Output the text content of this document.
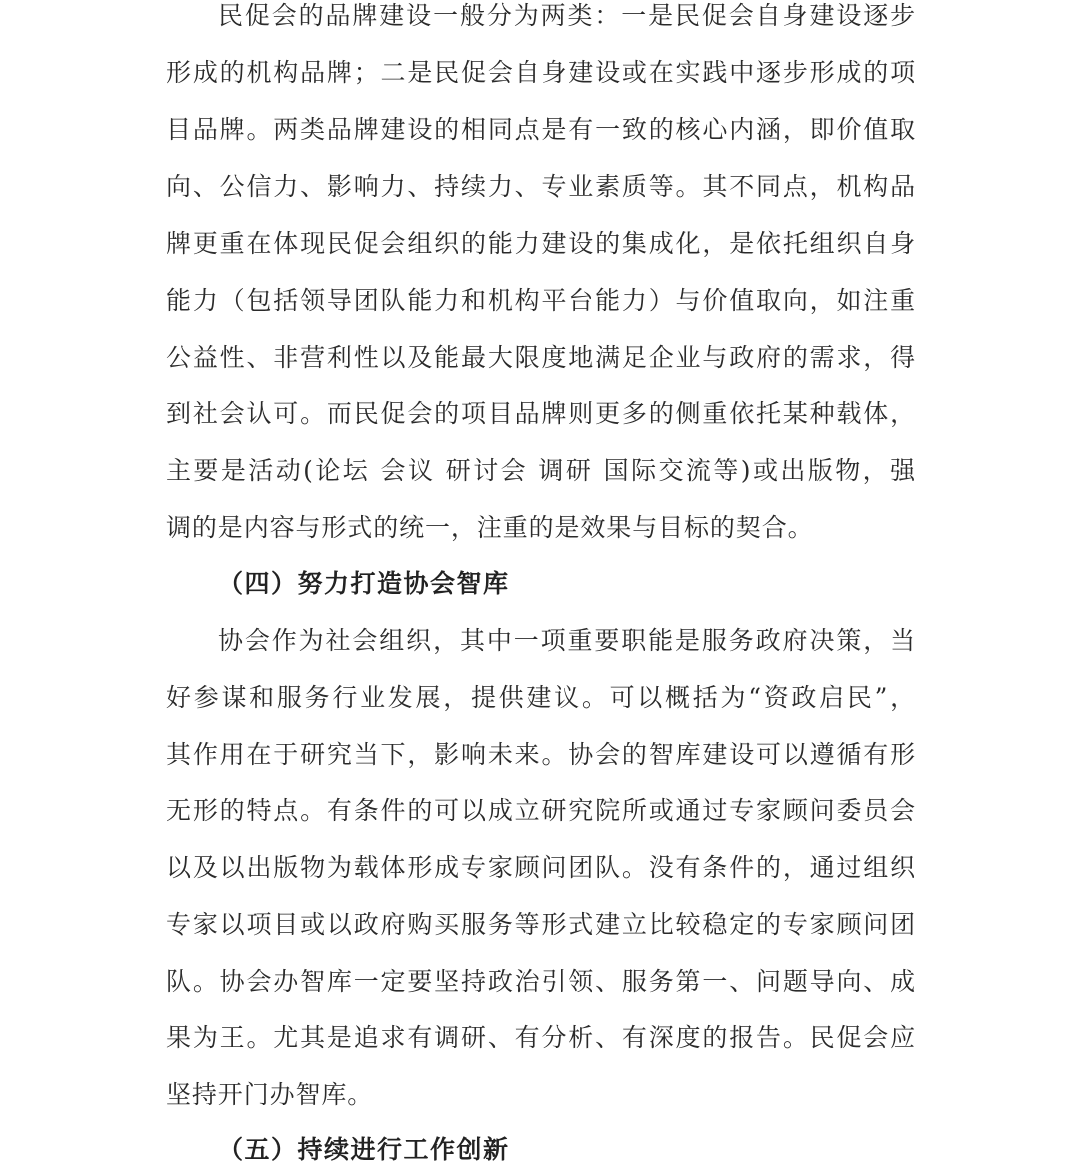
民促会的品牌建设一般分为两类：一是民促会自身建设逐步
形成的机构品牌；二是民促会自身建设或在实践中逐步形成的项
目品牌。两类品牌建设的相同点是有一致的核心内涵，即价值取
向、公信力、影响力、持续力、专业素质等。其不同点，机构品
牌更重在体现民促会组织的能力建设的集成化，是依托组织自身
能力（包括领导团队能力和机构平台能力）与价值取向，如注重
公益性、非营利性以及能最大限度地满足企业与政府的需求，得
到社会认可。而民促会的项目品牌则更多的侧重依托某种载体，
主要是活动(论坛 会议 研讨会 调研 国际交流等)或出版物，强
调的是内容与形式的统一，注重的是效果与目标的契合。
（四）努力打造协会智库
协会作为社会组织，其中一项重要职能是服务政府决策，当
好参谋和服务行业发展，提供建议。可以概括为“资政启民”，
其作用在于研究当下，影响未来。协会的智库建设可以遵循有形
无形的特点。有条件的可以成立研究院所或通过专家顾问委员会
以及以出版物为载体形成专家顾问团队。没有条件的，通过组织
专家以项目或以政府购买服务等形式建立比较稳定的专家顾问团
队。协会办智库一定要坚持政治引领、服务第一、问题导向、成
果为王。尤其是追求有调研、有分析、有深度的报告。民促会应
坚持开门办智库。
（五）持续进行工作创新
